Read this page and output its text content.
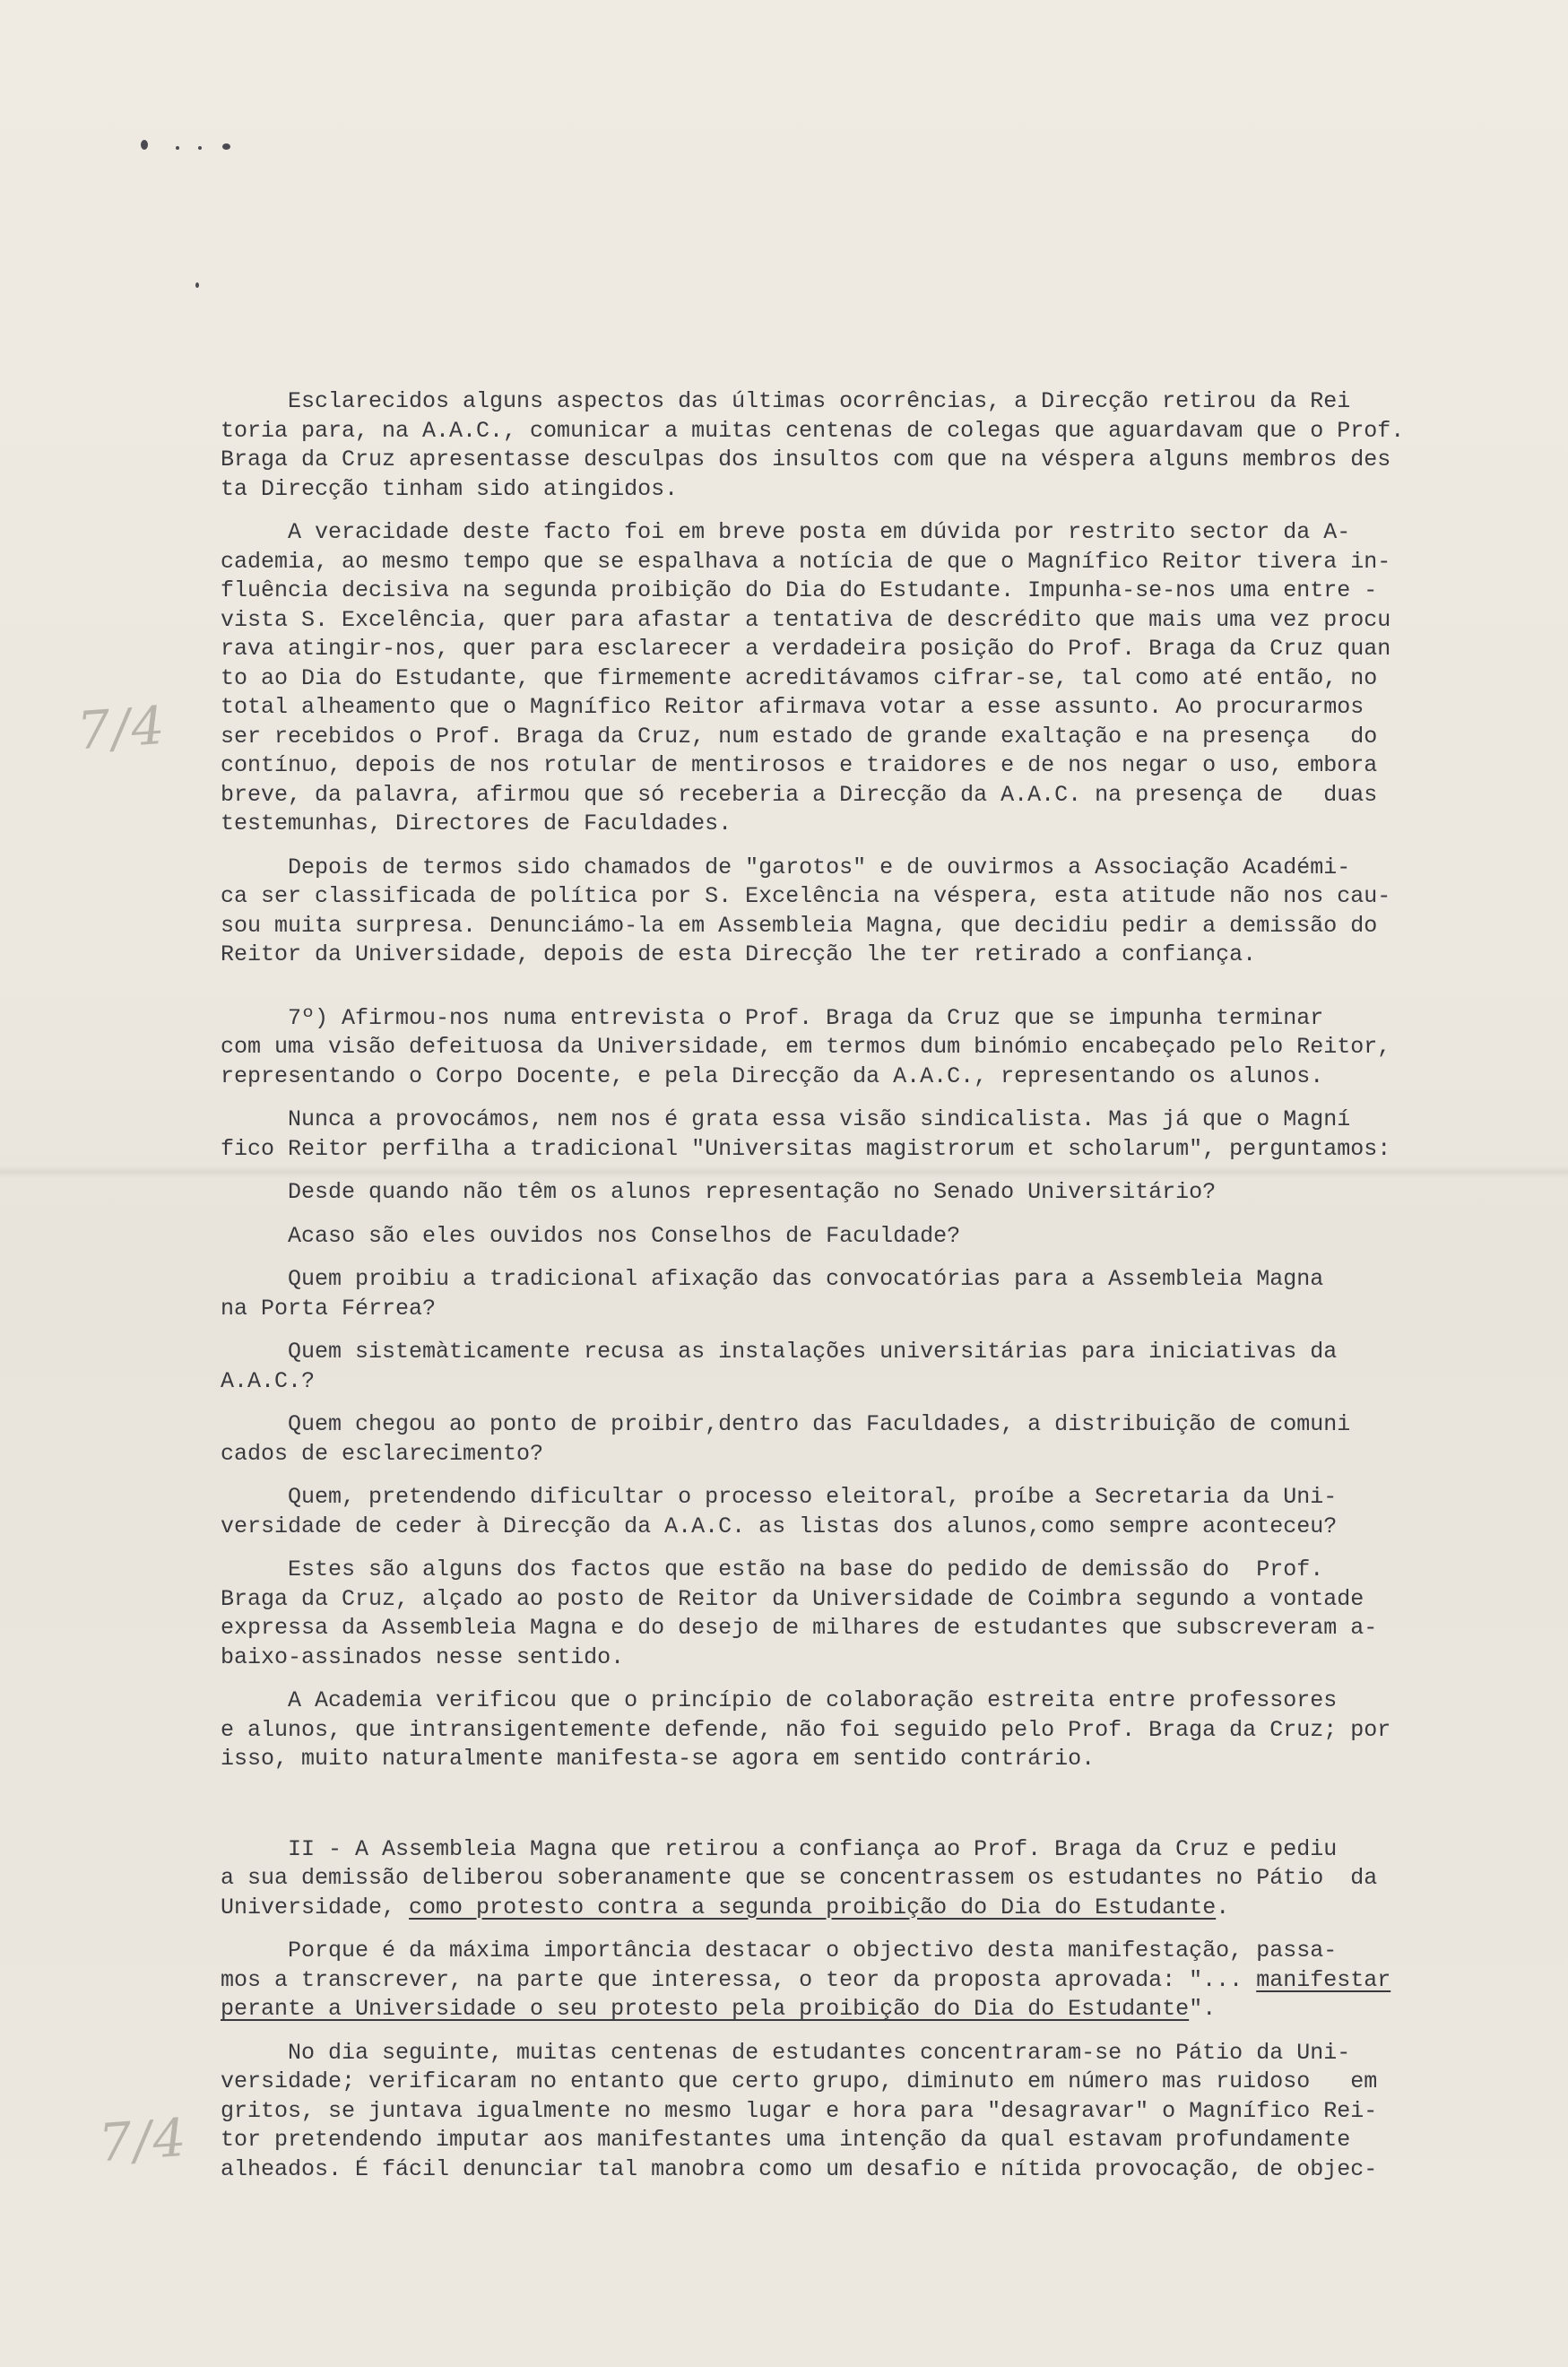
7/4
7/4
Esclarecidos alguns aspectos das últimas ocorrências, a Direcção retirou da Rei
toria para, na A.A.C., comunicar a muitas centenas de colegas que aguardavam que o Prof.
Braga da Cruz apresentasse desculpas dos insultos com que na véspera alguns membros des
ta Direcção tinham sido atingidos.
A veracidade deste facto foi em breve posta em dúvida por restrito sector da A-
cademia, ao mesmo tempo que se espalhava a notícia de que o Magnífico Reitor tivera in-
fluência decisiva na segunda proibição do Dia do Estudante. Impunha-se-nos uma entre -
vista S. Excelência, quer para afastar a tentativa de descrédito que mais uma vez procu
rava atingir-nos, quer para esclarecer a verdadeira posição do Prof. Braga da Cruz quan
to ao Dia do Estudante, que firmemente acreditávamos cifrar-se, tal como até então, no
total alheamento que o Magnífico Reitor afirmava votar a esse assunto. Ao procurarmos
ser recebidos o Prof. Braga da Cruz, num estado de grande exaltação e na presença   do
contínuo, depois de nos rotular de mentirosos e traidores e de nos negar o uso, embora
breve, da palavra, afirmou que só receberia a Direcção da A.A.C. na presença de   duas
testemunhas, Directores de Faculdades.
Depois de termos sido chamados de "garotos" e de ouvirmos a Associação Académi-
ca ser classificada de política por S. Excelência na véspera, esta atitude não nos cau-
sou muita surpresa. Denunciámo-la em Assembleia Magna, que decidiu pedir a demissão do
Reitor da Universidade, depois de esta Direcção lhe ter retirado a confiança.
7º) Afirmou-nos numa entrevista o Prof. Braga da Cruz que se impunha terminar
com uma visão defeituosa da Universidade, em termos dum binómio encabeçado pelo Reitor,
representando o Corpo Docente, e pela Direcção da A.A.C., representando os alunos.
Nunca a provocámos, nem nos é grata essa visão sindicalista. Mas já que o Magní
fico Reitor perfilha a tradicional "Universitas magistrorum et scholarum", perguntamos:
Desde quando não têm os alunos representação no Senado Universitário?
Acaso são eles ouvidos nos Conselhos de Faculdade?
Quem proibiu a tradicional afixação das convocatórias para a Assembleia Magna
na Porta Férrea?
Quem sistemàticamente recusa as instalações universitárias para iniciativas da
A.A.C.?
Quem chegou ao ponto de proibir,dentro das Faculdades, a distribuição de comuni
cados de esclarecimento?
Quem, pretendendo dificultar o processo eleitoral, proíbe a Secretaria da Uni-
versidade de ceder à Direcção da A.A.C. as listas dos alunos,como sempre aconteceu?
Estes são alguns dos factos que estão na base do pedido de demissão do  Prof.
Braga da Cruz, alçado ao posto de Reitor da Universidade de Coimbra segundo a vontade
expressa da Assembleia Magna e do desejo de milhares de estudantes que subscreveram a-
baixo-assinados nesse sentido.
A Academia verificou que o princípio de colaboração estreita entre professores
e alunos, que intransigentemente defende, não foi seguido pelo Prof. Braga da Cruz; por
isso, muito naturalmente manifesta-se agora em sentido contrário.
II - A Assembleia Magna que retirou a confiança ao Prof. Braga da Cruz e pediu
a sua demissão deliberou soberanamente que se concentrassem os estudantes no Pátio  da
Universidade, como protesto contra a segunda proibição do Dia do Estudante.
Porque é da máxima importância destacar o objectivo desta manifestação, passa-
mos a transcrever, na parte que interessa, o teor da proposta aprovada: "... manifestar
perante a Universidade o seu protesto pela proibição do Dia do Estudante".
No dia seguinte, muitas centenas de estudantes concentraram-se no Pátio da Uni-
versidade; verificaram no entanto que certo grupo, diminuto em número mas ruidoso   em
gritos, se juntava igualmente no mesmo lugar e hora para "desagravar" o Magnífico Rei-
tor pretendendo imputar aos manifestantes uma intenção da qual estavam profundamente
alheados. É fácil denunciar tal manobra como um desafio e nítida provocação, de objec-
